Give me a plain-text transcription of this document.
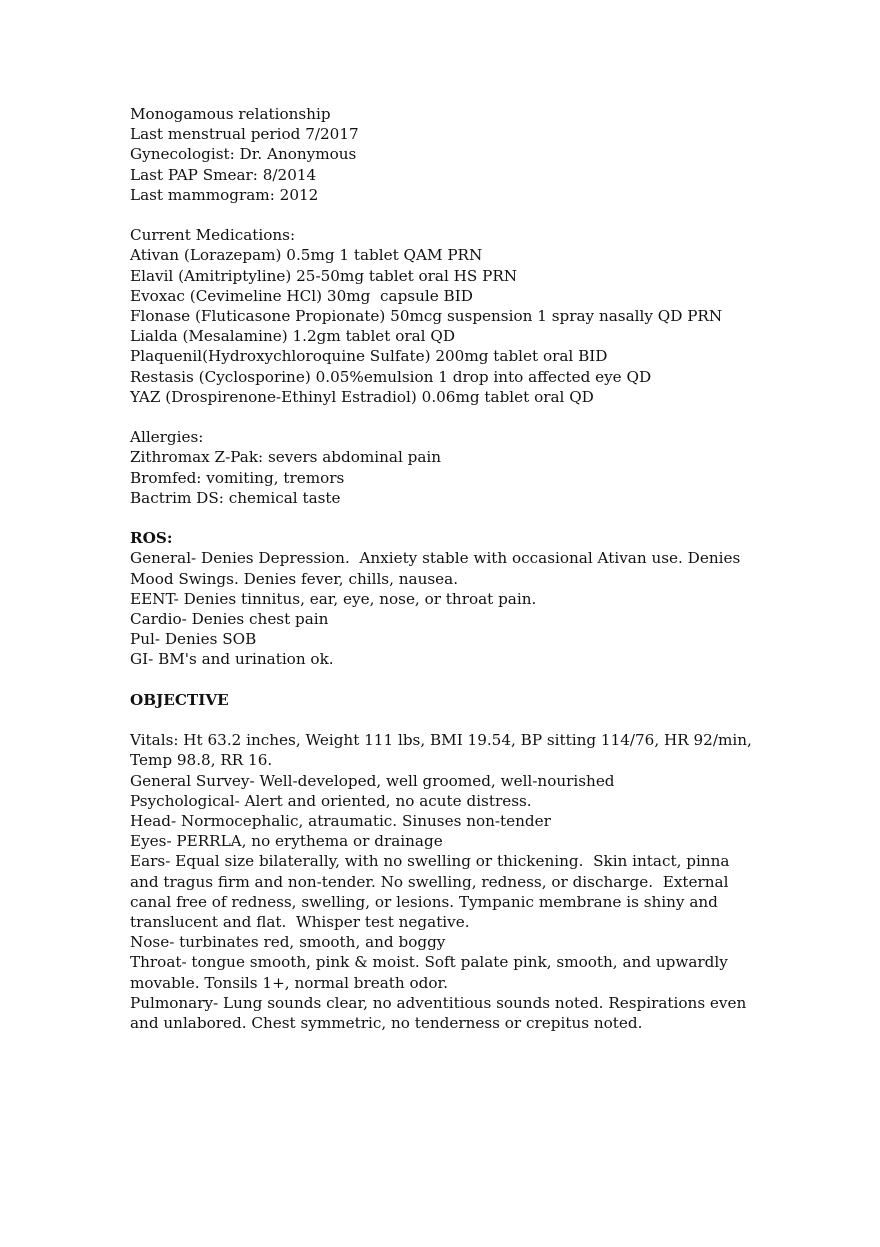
Monogamous relationship
Last menstrual period 7/2017
Gynecologist: Dr. Anonymous
Last PAP Smear: 8/2014
Last mammogram: 2012
Current Medications:
Ativan (Lorazepam) 0.5mg 1 tablet QAM PRN
Elavil (Amitriptyline) 25-50mg tablet oral HS PRN
Evoxac (Cevimeline HCl) 30mg  capsule BID
Flonase (Fluticasone Propionate) 50mcg suspension 1 spray nasally QD PRN
Lialda (Mesalamine) 1.2gm tablet oral QD
Plaquenil(Hydroxychloroquine Sulfate) 200mg tablet oral BID
Restasis (Cyclosporine) 0.05%emulsion 1 drop into affected eye QD
YAZ (Drospirenone-Ethinyl Estradiol) 0.06mg tablet oral QD
Allergies:
Zithromax Z-Pak: severs abdominal pain
Bromfed: vomiting, tremors
Bactrim DS: chemical taste
ROS:
General- Denies Depression.  Anxiety stable with occasional Ativan use. Denies Mood Swings. Denies fever, chills, nausea.
EENT- Denies tinnitus, ear, eye, nose, or throat pain.
Cardio- Denies chest pain
Pul- Denies SOB
GI- BM's and urination ok.
OBJECTIVE
Vitals: Ht 63.2 inches, Weight 111 lbs, BMI 19.54, BP sitting 114/76, HR 92/min, Temp 98.8, RR 16.
General Survey- Well-developed, well groomed, well-nourished
Psychological- Alert and oriented, no acute distress.
Head- Normocephalic, atraumatic. Sinuses non-tender
Eyes- PERRLA, no erythema or drainage
Ears- Equal size bilaterally, with no swelling or thickening.  Skin intact, pinna and tragus firm and non-tender. No swelling, redness, or discharge.  External canal free of redness, swelling, or lesions. Tympanic membrane is shiny and translucent and flat.  Whisper test negative.
Nose- turbinates red, smooth, and boggy
Throat- tongue smooth, pink & moist. Soft palate pink, smooth, and upwardly movable. Tonsils 1+, normal breath odor.
Pulmonary- Lung sounds clear, no adventitious sounds noted. Respirations even and unlabored. Chest symmetric, no tenderness or crepitus noted.
